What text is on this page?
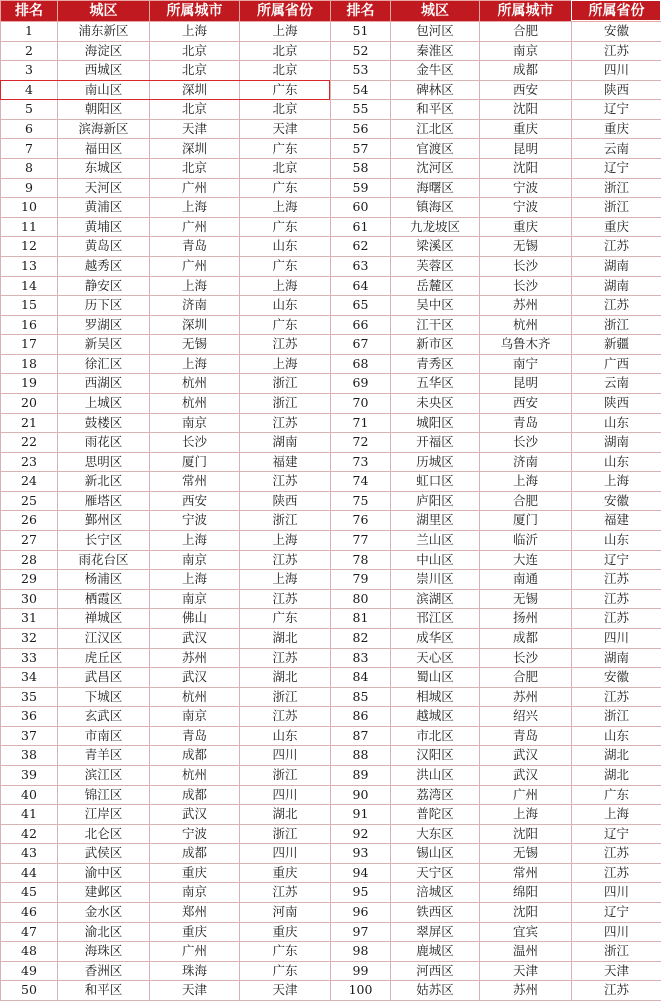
排名	城区	所属城市	所属省份	排名	城区	所属城市	所属省份
1	浦东新区	上海	上海	51	包河区	合肥	安徽
2	海淀区	北京	北京	52	秦淮区	南京	江苏
3	西城区	北京	北京	53	金牛区	成都	四川
4	南山区	深圳	广东	54	碑林区	西安	陕西
5	朝阳区	北京	北京	55	和平区	沈阳	辽宁
6	滨海新区	天津	天津	56	江北区	重庆	重庆
7	福田区	深圳	广东	57	官渡区	昆明	云南
8	东城区	北京	北京	58	沈河区	沈阳	辽宁
9	天河区	广州	广东	59	海曙区	宁波	浙江
10	黄浦区	上海	上海	60	镇海区	宁波	浙江
11	黄埔区	广州	广东	61	九龙坡区	重庆	重庆
12	黄岛区	青岛	山东	62	梁溪区	无锡	江苏
13	越秀区	广州	广东	63	芙蓉区	长沙	湖南
14	静安区	上海	上海	64	岳麓区	长沙	湖南
15	历下区	济南	山东	65	吴中区	苏州	江苏
16	罗湖区	深圳	广东	66	江干区	杭州	浙江
17	新吴区	无锡	江苏	67	新市区	乌鲁木齐	新疆
18	徐汇区	上海	上海	68	青秀区	南宁	广西
19	西湖区	杭州	浙江	69	五华区	昆明	云南
20	上城区	杭州	浙江	70	未央区	西安	陕西
21	鼓楼区	南京	江苏	71	城阳区	青岛	山东
22	雨花区	长沙	湖南	72	开福区	长沙	湖南
23	思明区	厦门	福建	73	历城区	济南	山东
24	新北区	常州	江苏	74	虹口区	上海	上海
25	雁塔区	西安	陕西	75	庐阳区	合肥	安徽
26	鄞州区	宁波	浙江	76	湖里区	厦门	福建
27	长宁区	上海	上海	77	兰山区	临沂	山东
28	雨花台区	南京	江苏	78	中山区	大连	辽宁
29	杨浦区	上海	上海	79	崇川区	南通	江苏
30	栖霞区	南京	江苏	80	滨湖区	无锡	江苏
31	禅城区	佛山	广东	81	邗江区	扬州	江苏
32	江汉区	武汉	湖北	82	成华区	成都	四川
33	虎丘区	苏州	江苏	83	天心区	长沙	湖南
34	武昌区	武汉	湖北	84	蜀山区	合肥	安徽
35	下城区	杭州	浙江	85	相城区	苏州	江苏
36	玄武区	南京	江苏	86	越城区	绍兴	浙江
37	市南区	青岛	山东	87	市北区	青岛	山东
38	青羊区	成都	四川	88	汉阳区	武汉	湖北
39	滨江区	杭州	浙江	89	洪山区	武汉	湖北
40	锦江区	成都	四川	90	荔湾区	广州	广东
41	江岸区	武汉	湖北	91	普陀区	上海	上海
42	北仑区	宁波	浙江	92	大东区	沈阳	辽宁
43	武侯区	成都	四川	93	锡山区	无锡	江苏
44	渝中区	重庆	重庆	94	天宁区	常州	江苏
45	建邺区	南京	江苏	95	涪城区	绵阳	四川
46	金水区	郑州	河南	96	铁西区	沈阳	辽宁
47	渝北区	重庆	重庆	97	翠屏区	宜宾	四川
48	海珠区	广州	广东	98	鹿城区	温州	浙江
49	香洲区	珠海	广东	99	河西区	天津	天津
50	和平区	天津	天津	100	姑苏区	苏州	江苏
